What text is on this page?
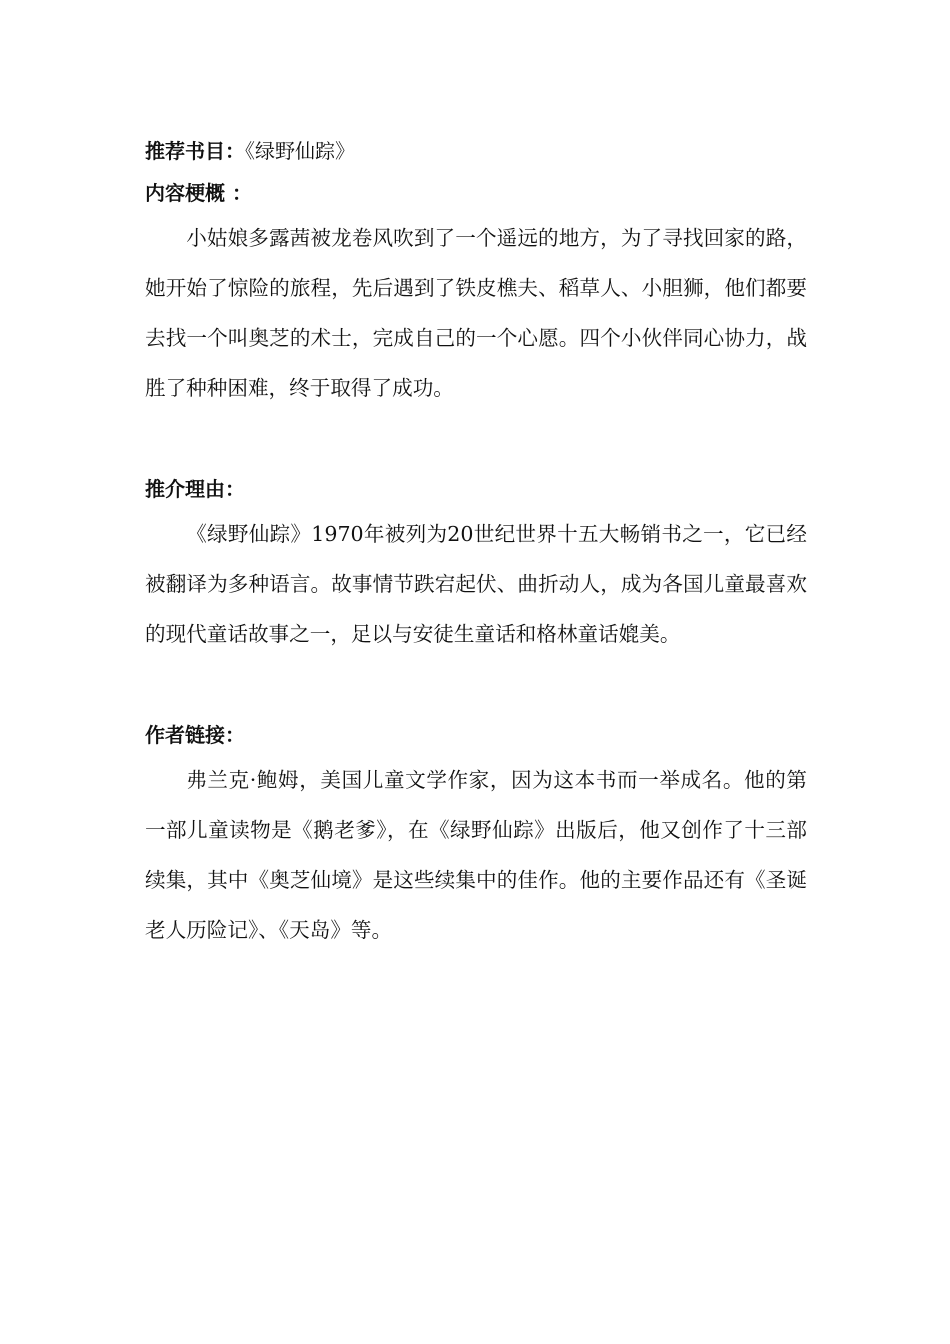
推荐书目：《绿野仙踪》
内容梗概 ：

小姑娘多露茜被龙卷风吹到了一个遥远的地方，为了寻找回家的路，她开始了惊险的旅程，先后遇到了铁皮樵夫、稻草人、小胆狮，他们都要去找一个叫奥芝的术士，完成自己的一个心愿。四个小伙伴同心协力，战胜了种种困难，终于取得了成功。

推介理由：

《绿野仙踪》1970年被列为20世纪世界十五大畅销书之一，它已经被翻译为多种语言。故事情节跌宕起伏、曲折动人，成为各国儿童最喜欢的现代童话故事之一，足以与安徒生童话和格林童话媲美。

作者链接：

弗兰克·鲍姆，美国儿童文学作家，因为这本书而一举成名。他的第一部儿童读物是《鹅老爹》，在《绿野仙踪》出版后，他又创作了十三部续集，其中《奥芝仙境》是这些续集中的佳作。他的主要作品还有《圣诞老人历险记》、《天岛》等。
